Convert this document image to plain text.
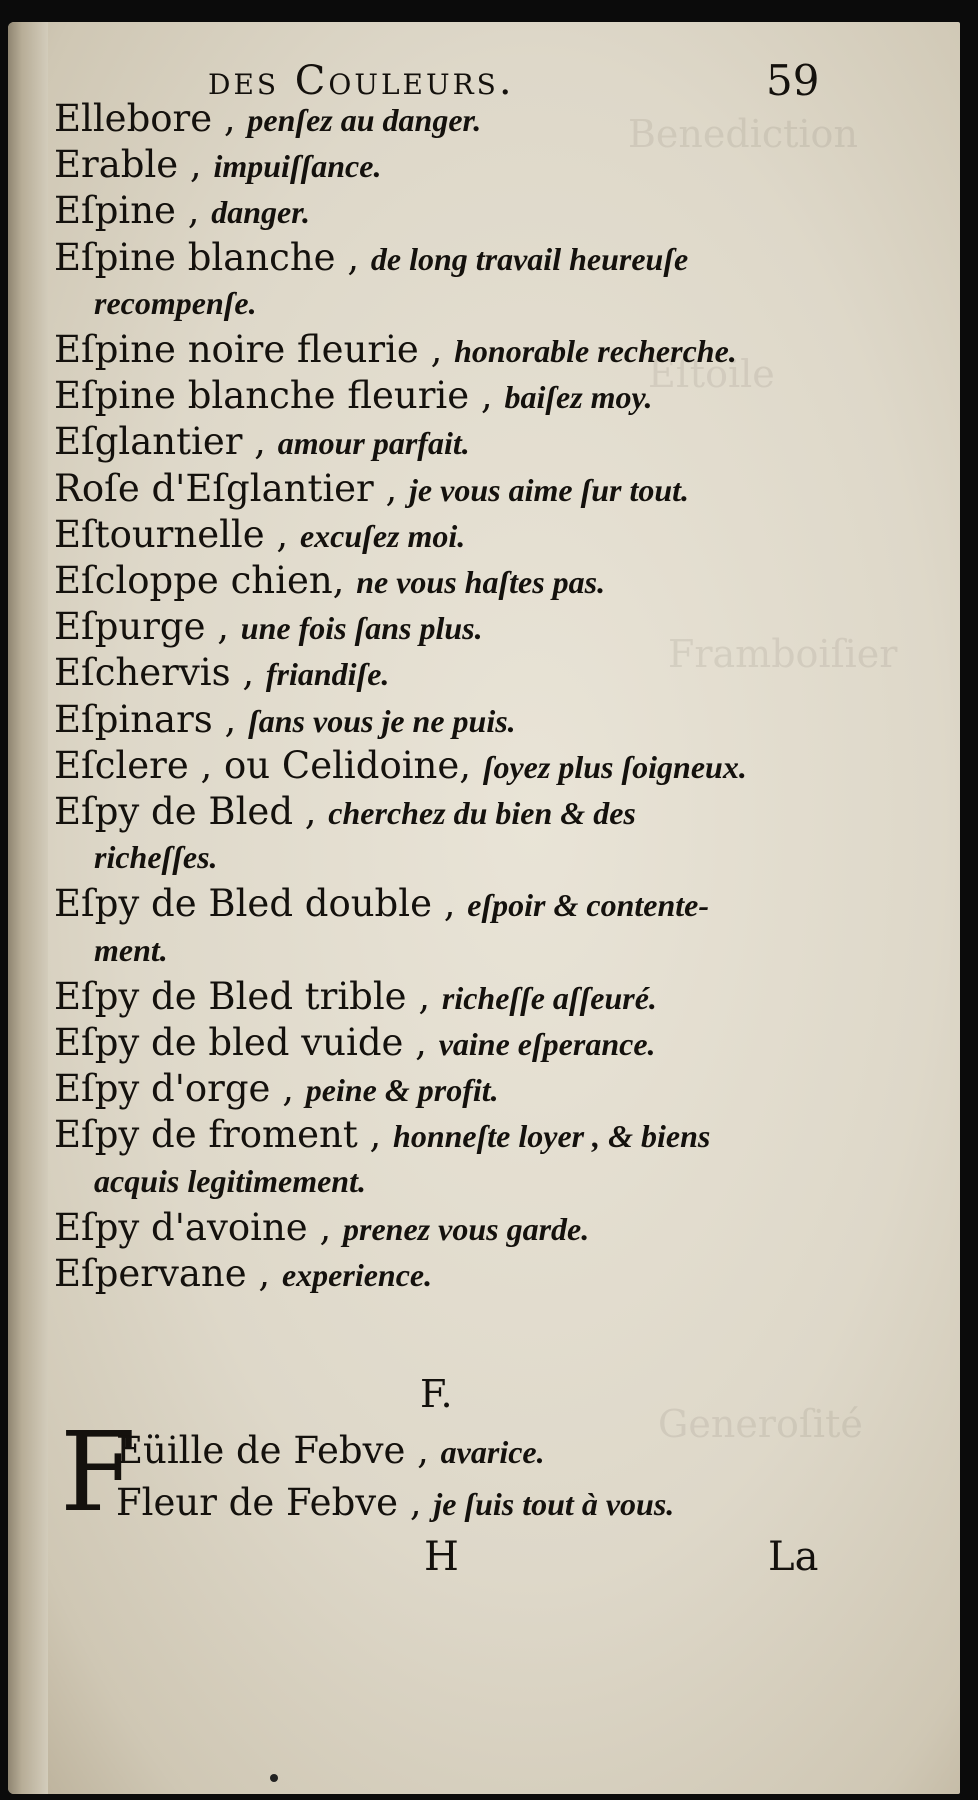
Benediction
Eſtoile
Framboiſier
Generoſité
des Couleurs.	59
Ellebore , penſez au danger.
Erable , impuiſſance.
Eſpine , danger.
Eſpine blanche , de long travail heureuſe
recompenſe.
Eſpine noire fleurie , honorable recherche.
Eſpine blanche fleurie , baiſez moy.
Eſglantier , amour parfait.
Roſe d'Eſglantier , je vous aime ſur tout.
Eſtournelle , excuſez moi.
Eſcloppe chien, ne vous haſtes pas.
Eſpurge , une fois ſans plus.
Eſchervis , friandiſe.
Eſpinars , ſans vous je ne puis.
Eſclere , ou Celidoine, ſoyez plus ſoigneux.
Eſpy de Bled , cherchez du bien & des
richeſſes.
Eſpy de Bled double , eſpoir & contente-
ment.
Eſpy de Bled trible , richeſſe aſſeuré.
Eſpy de bled vuide , vaine eſperance.
Eſpy d'orge , peine & profit.
Eſpy de froment , honneſte loyer , & biens
acquis legitimement.
Eſpy d'avoine , prenez vous garde.
Eſpervane , experience.
F.
F
Eüille de Febve , avarice.
Fleur de Febve , je ſuis tout à vous.
H	La
